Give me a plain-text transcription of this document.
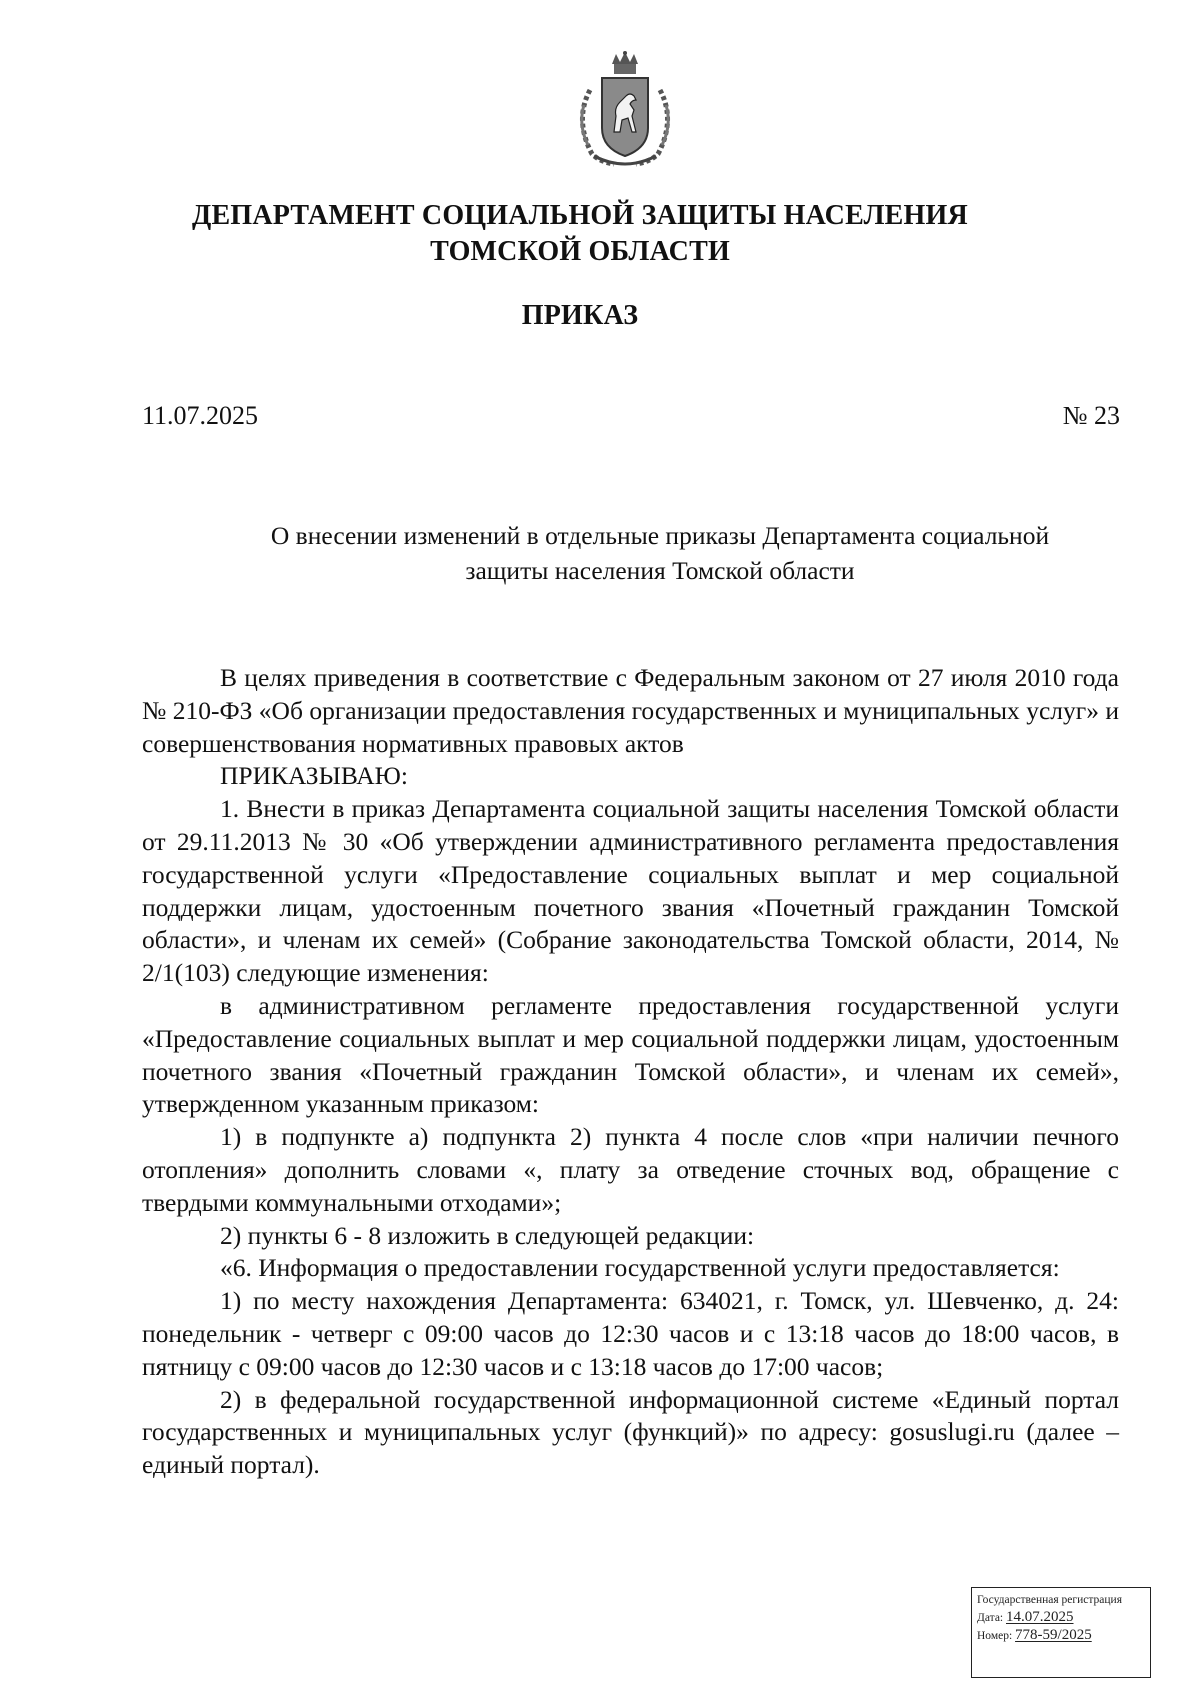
ДЕПАРТАМЕНТ СОЦИАЛЬНОЙ ЗАЩИТЫ НАСЕЛЕНИЯ
ТОМСКОЙ ОБЛАСТИ
ПРИКАЗ
11.07.2025	№ 23
О внесении изменений в отдельные приказы Департамента социальной
защиты населения Томской области

В целях приведения в соответствие с Федеральным законом от 27 июля 2010 года № 210-ФЗ «Об организации предоставления государственных и муниципальных услуг» и совершенствования нормативных правовых актов

ПРИКАЗЫВАЮ:

1. Внести в приказ Департамента социальной защиты населения Томской области от 29.11.2013 № 30 «Об утверждении административного регламента предоставления государственной услуги «Предоставление социальных выплат и мер социальной поддержки лицам, удостоенным почетного звания «Почетный гражданин Томской области», и членам их семей» (Собрание законодательства Томской области, 2014, № 2/1(103) следующие изменения:

в административном регламенте предоставления государственной услуги «Предоставление социальных выплат и мер социальной поддержки лицам, удостоенным почетного звания «Почетный гражданин Томской области», и членам их семей», утвержденном указанным приказом:

1) в подпункте а) подпункта 2) пункта 4 после слов «при наличии печного отопления» дополнить словами «, плату за отведение сточных вод, обращение с твердыми коммунальными отходами»;

2) пункты 6 - 8 изложить в следующей редакции:

«6. Информация о предоставлении государственной услуги предоставляется:

1) по месту нахождения Департамента: 634021, г. Томск, ул. Шевченко, д. 24: понедельник - четверг с 09:00 часов до 12:30 часов и с 13:18 часов до 18:00 часов, в пятницу с 09:00 часов до 12:30 часов и с 13:18 часов до 17:00 часов;

2) в федеральной государственной информационной системе «Единый портал государственных и муниципальных услуг (функций)» по адресу: gosuslugi.ru (далее – единый портал).

Государственная регистрация
Дата: 14.07.2025
Номер: 778-59/2025
